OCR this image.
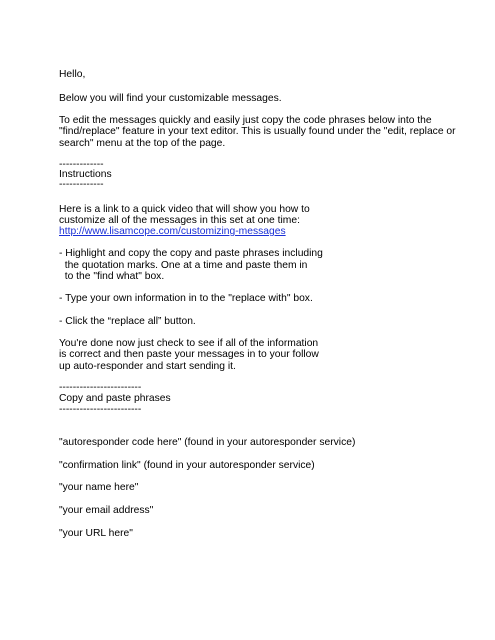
Hello,
Below you will find your customizable messages.
To edit the messages quickly and easily just copy the code phrases below into the
"find/replace" feature in your text editor. This is usually found under the "edit, replace or
search" menu at the top of the page.
-------------
Instructions
-------------
Here is a link to a quick video that will show you how to
customize all of the messages in this set at one time:
http://www.lisamcope.com/customizing-messages
- Highlight and copy the copy and paste phrases including
the quotation marks. One at a time and paste them in
to the "find what" box.
- Type your own information in to the "replace with" box.
- Click the “replace all” button.
You're done now just check to see if all of the information
is correct and then paste your messages in to your follow
up auto-responder and start sending it.
------------------------
Copy and paste phrases
------------------------
"autoresponder code here" (found in your autoresponder service)
"confirmation link" (found in your autoresponder service)
"your name here"
"your email address"
"your URL here"
